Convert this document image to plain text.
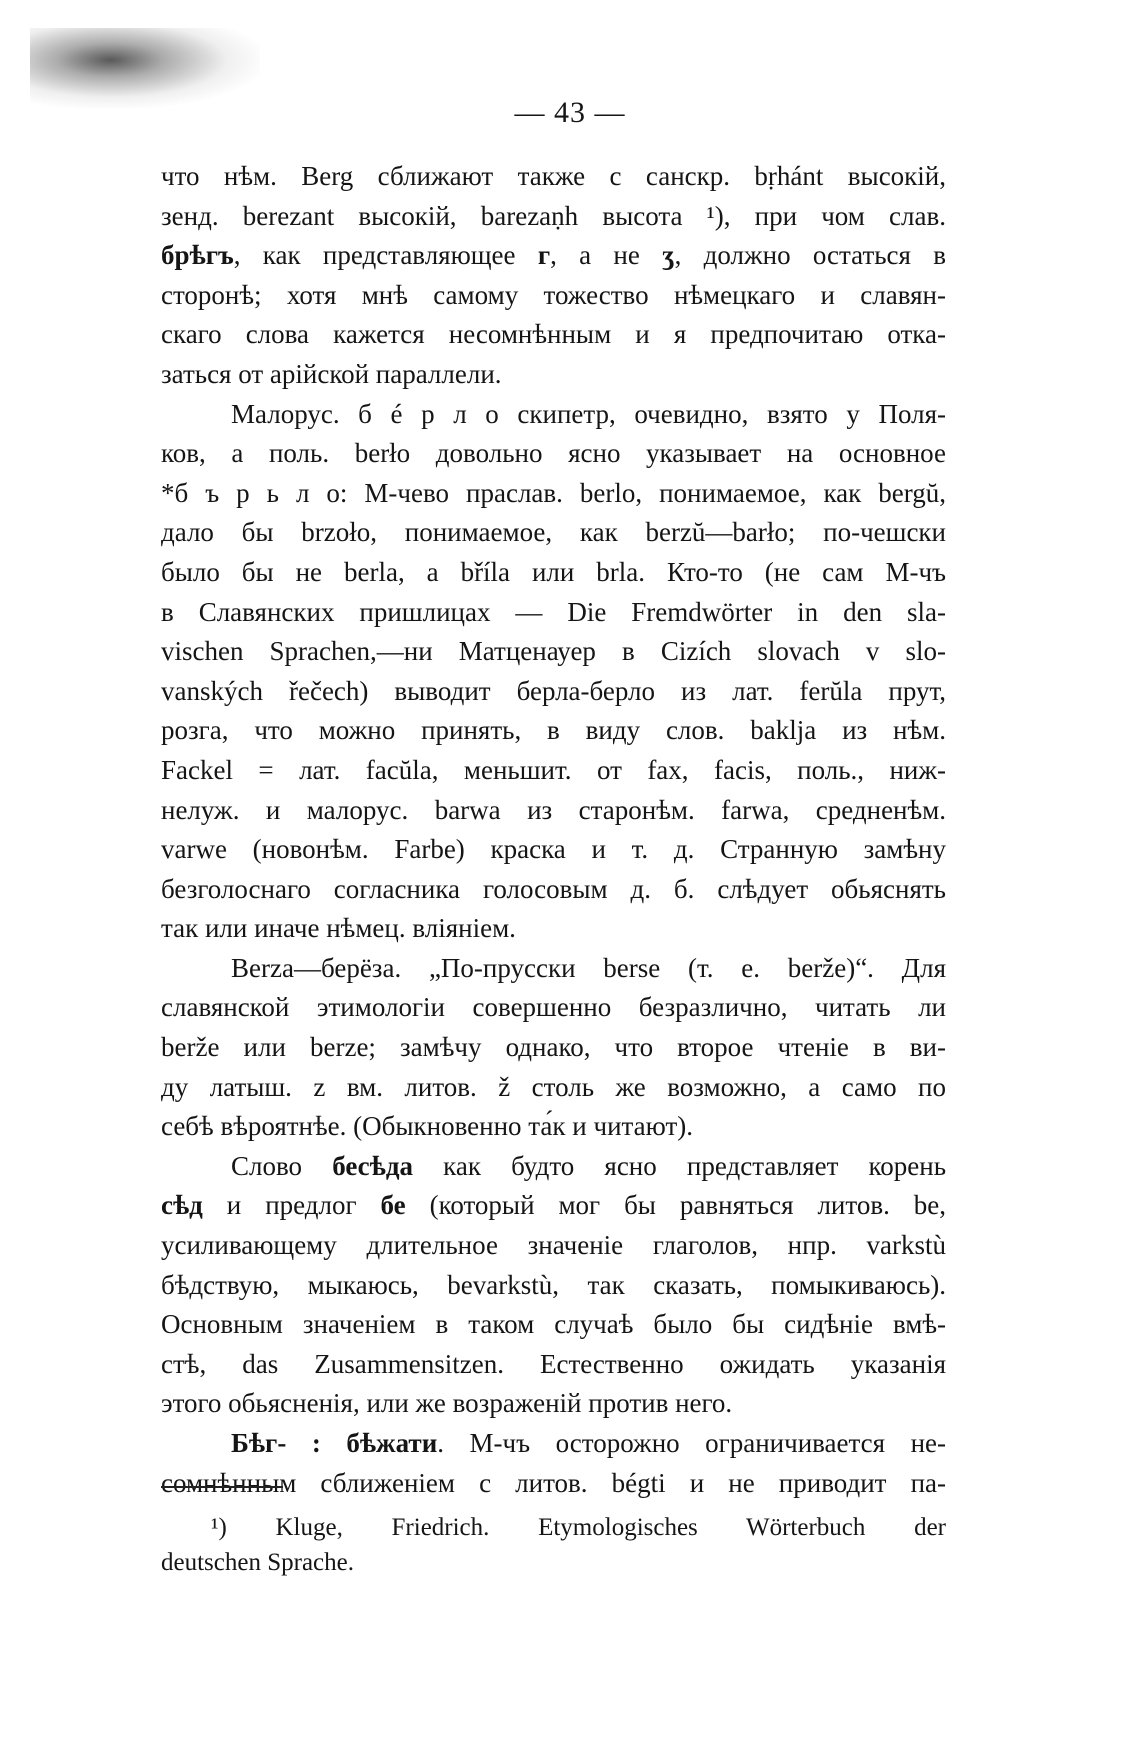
— 43 —
что нѣм. Berg сближают также с санскр. bṛhánt высокій,
зенд. berezant высокій, barezaṇh высота ¹), при чом слав.
брѣгъ, как представляющее г, а не ʒ, должно остаться в
сторонѣ; хотя мнѣ самому тожество нѣмецкаго и славян-
скаго слова кажется несомнѣнным и я предпочитаю отка-
заться от арійской параллели.
Малорус. б é р л о скипетр, очевидно, взято у Поля-
ков, а поль. berło довольно ясно указывает на основное
*б ъ р ь л о: М-чево праслав. berlo, понимаемое, как bergŭ,
дало бы brzoło, понимаемое, как berzŭ—barło; по-чешски
было бы не berla, а bříla или brla. Кто-то (не сам М-чъ
в Славянских пришлицах — Die Fremdwörter in den sla-
vischen Sprachen,—ни Матценауер в Cizích slovach v slo-
vanských řečech) выводит берла-берло из лат. ferŭla прут,
розга, что можно принять, в виду слов. baklja из нѣм.
Fackel = лат. facŭla, меньшит. от fax, facis, поль., ниж-
нелуж. и малорус. barwa из старонѣм. farwa, средненѣм.
varwe (новонѣм. Farbe) краска и т. д. Странную замѣну
безголоснаго согласника голосовым д. б. слѣдует обьяснять
так или иначе нѣмец. вліяніем.
Berza—берёза. „По-прусски berse (т. е. berže)“. Для
славянской этимологіи совершенно безразлично, читать ли
berže или berze; замѣчу однако, что второе чтеніе в ви-
ду латыш. z вм. литов. ž столь же возможно, а само по
себѣ вѣроятнѣе. (Обыкновенно та́к и читают).
Слово бесѣда как будто ясно представляет корень
сѣд и предлог бе (который мог бы равняться литов. be,
усиливающему длительное значеніе глаголов, нпр. varkstù
бѣдствую, мыкаюсь, bevarkstù, так сказать, помыкиваюсь).
Основным значеніем в таком случаѣ было бы сидѣніе вмѣ-
стѣ, das Zusammensitzen. Естественно ожидать указанія
этого обьясненія, или же возраженій против него.
Бѣг- : бѣжати. М-чъ осторожно ограничивается не-
сомнѣнным сближеніем с литов. bégti и не приводит па-
¹) Kluge, Friedrich. Etymologisches Wörterbuch der
deutschen Sprache.
